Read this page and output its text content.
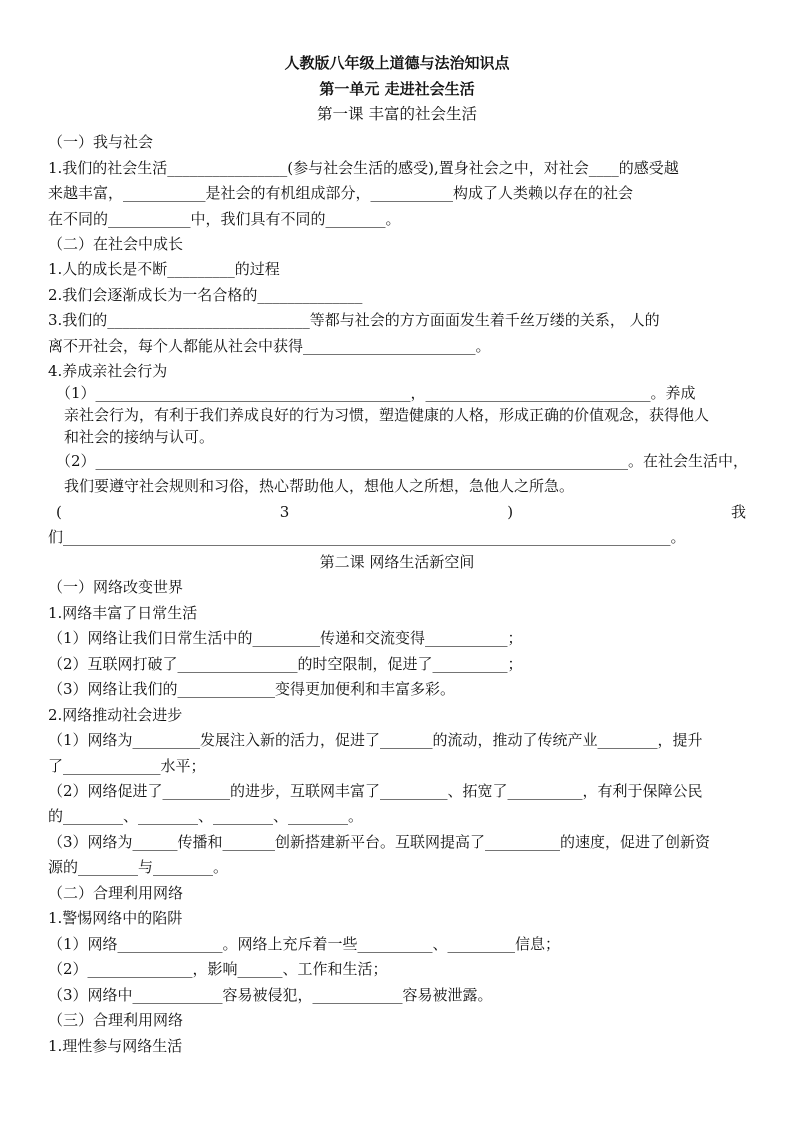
人教版八年级上道德与法治知识点
第一单元 走进社会生活
第一课 丰富的社会生活
（一）我与社会
1.我们的社会生活________________(参与社会生活的感受),置身社会之中，对社会____的感受越
来越丰富，___________是社会的有机组成部分，___________构成了人类赖以存在的社会
在不同的___________中，我们具有不同的________。
（二）在社会中成长
1.人的成长是不断_________的过程
2.我们会逐渐成长为一名合格的______________
3.我们的___________________________等都与社会的方方面面发生着千丝万缕的关系， 人的
离不开社会，每个人都能从社会中获得_______________________。
4.养成亲社会行为
（1）__________________________________________，______________________________。养成
亲社会行为，有利于我们养成良好的行为习惯，塑造健康的人格，形成正确的价值观念，获得他人
和社会的接纳与认可。
（2）_______________________________________________________________________。在社会生活中，
我们要遵守社会规则和习俗，热心帮助他人，想他人之所想，急他人之所急。
(	3	)	我
们_________________________________________________________________________________。
第二课 网络生活新空间
（一）网络改变世界
1.网络丰富了日常生活
（1）网络让我们日常生活中的_________传递和交流变得___________；
（2）互联网打破了________________的时空限制，促进了__________；
（3）网络让我们的_____________变得更加便利和丰富多彩。
2.网络推动社会进步
（1）网络为_________发展注入新的活力，促进了_______的流动，推动了传统产业________，提升
了_____________水平；
（2）网络促进了_________的进步，互联网丰富了_________、拓宽了__________，有利于保障公民
的________、________、________、________。
（3）网络为______传播和_______创新搭建新平台。互联网提高了__________的速度，促进了创新资
源的________与________。
（二）合理利用网络
1.警惕网络中的陷阱
（1）网络______________。网络上充斥着一些__________、_________信息；
（2）______________，影响______、工作和生活；
（3）网络中____________容易被侵犯，____________容易被泄露。
（三）合理利用网络
1.理性参与网络生活
